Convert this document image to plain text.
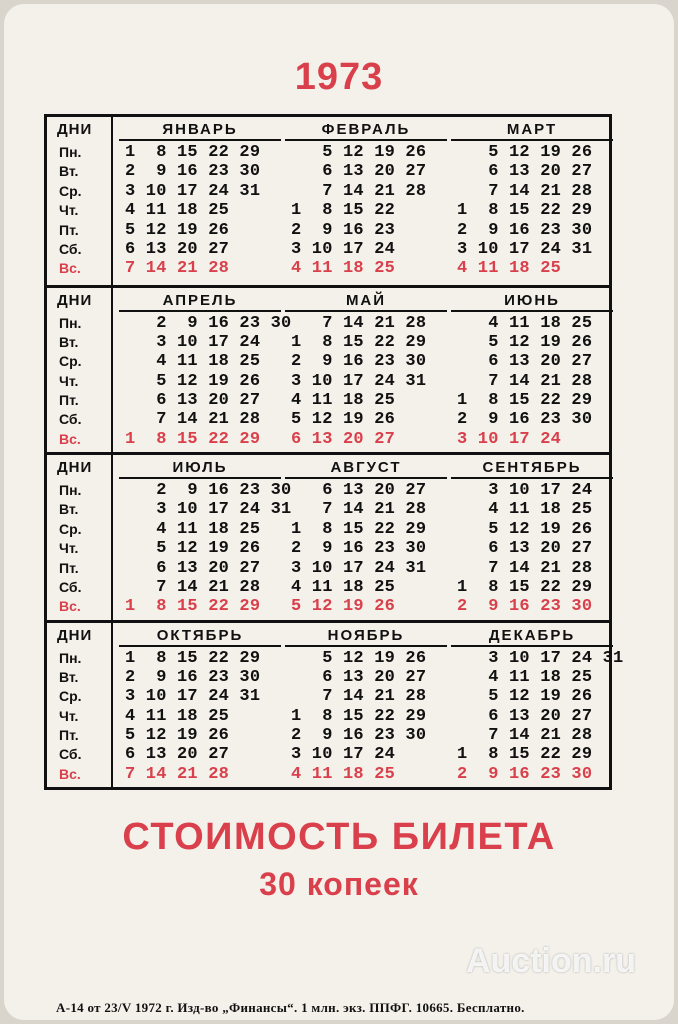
1973
ДНИ
Пн.
Вт.
Ср.
Чт.
Пт.
Сб.
Вс.
ЯНВАРЬ
1  8 15 22 29
2  9 16 23 30
3 10 17 24 31
4 11 18 25
5 12 19 26
6 13 20 27
7 14 21 28
ФЕВРАЛЬ
5 12 19 26
6 13 20 27
7 14 21 28
1  8 15 22
2  9 16 23
3 10 17 24
4 11 18 25
МАРТ
5 12 19 26
6 13 20 27
7 14 21 28
1  8 15 22 29
2  9 16 23 30
3 10 17 24 31
4 11 18 25
ДНИ
Пн.
Вт.
Ср.
Чт.
Пт.
Сб.
Вс.
АПРЕЛЬ
2  9 16 23 30
3 10 17 24
4 11 18 25
5 12 19 26
6 13 20 27
7 14 21 28
1  8 15 22 29
МАЙ
7 14 21 28
1  8 15 22 29
2  9 16 23 30
3 10 17 24 31
4 11 18 25
5 12 19 26
6 13 20 27
ИЮНЬ
4 11 18 25
5 12 19 26
6 13 20 27
7 14 21 28
1  8 15 22 29
2  9 16 23 30
3 10 17 24
ДНИ
Пн.
Вт.
Ср.
Чт.
Пт.
Сб.
Вс.
ИЮЛЬ
2  9 16 23 30
3 10 17 24 31
4 11 18 25
5 12 19 26
6 13 20 27
7 14 21 28
1  8 15 22 29
АВГУСТ
6 13 20 27
7 14 21 28
1  8 15 22 29
2  9 16 23 30
3 10 17 24 31
4 11 18 25
5 12 19 26
СЕНТЯБРЬ
3 10 17 24
4 11 18 25
5 12 19 26
6 13 20 27
7 14 21 28
1  8 15 22 29
2  9 16 23 30
ДНИ
Пн.
Вт.
Ср.
Чт.
Пт.
Сб.
Вс.
ОКТЯБРЬ
1  8 15 22 29
2  9 16 23 30
3 10 17 24 31
4 11 18 25
5 12 19 26
6 13 20 27
7 14 21 28
НОЯБРЬ
5 12 19 26
6 13 20 27
7 14 21 28
1  8 15 22 29
2  9 16 23 30
3 10 17 24
4 11 18 25
ДЕКАБРЬ
3 10 17 24 31
4 11 18 25
5 12 19 26
6 13 20 27
7 14 21 28
1  8 15 22 29
2  9 16 23 30
СТОИМОСТЬ БИЛЕТА
30 копеек
А-14 от 23/V 1972 г. Изд-во „Финансы“. 1 млн. экз. ППФГ. 10665. Бесплатно.
Auction.ru
